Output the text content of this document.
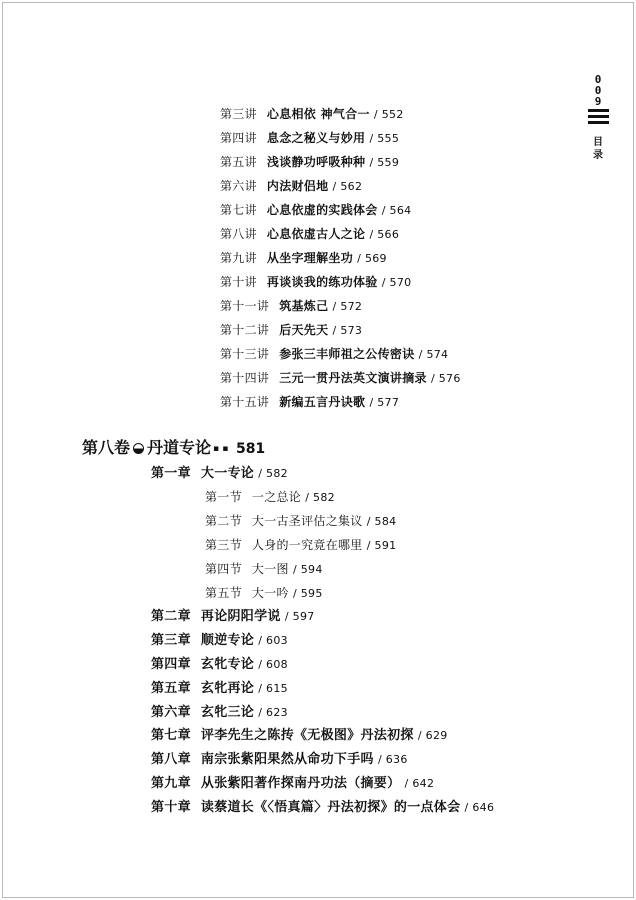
0
0
9
目
录
第三讲 心息相依 神气合一 / 552
第四讲 息念之秘义与妙用 / 555
第五讲 浅谈静功呼吸种种 / 559
第六讲 内法财侣地 / 562
第七讲 心息依虚的实践体会 / 564
第八讲 心息依虚古人之论 / 566
第九讲 从坐字理解坐功 / 569
第十讲 再谈谈我的练功体验 / 570
第十一讲 筑基炼己 / 572
第十二讲 后天先天 / 573
第十三讲 参张三丰师祖之公传密诀 / 574
第十四讲 三元一贯丹法英文演讲摘录 / 576
第十五讲 新编五言丹诀歌 / 577
第八卷 丹道专论 ▪ ▪ 581
第一章 大一专论 / 582
第一节 一之总论 / 582
第二节 大一古圣评估之集议 / 584
第三节 人身的一究竟在哪里 / 591
第四节 大一图 / 594
第五节 大一吟 / 595
第二章 再论阴阳学说 / 597
第三章 顺逆专论 / 603
第四章 玄牝专论 / 608
第五章 玄牝再论 / 615
第六章 玄牝三论 / 623
第七章 评李先生之陈抟《无极图》丹法初探 / 629
第八章 南宗张紫阳果然从命功下手吗 / 636
第九章 从张紫阳著作探南丹功法（摘要） / 642
第十章 读蔡道长《〈悟真篇〉丹法初探》的一点体会 / 646
